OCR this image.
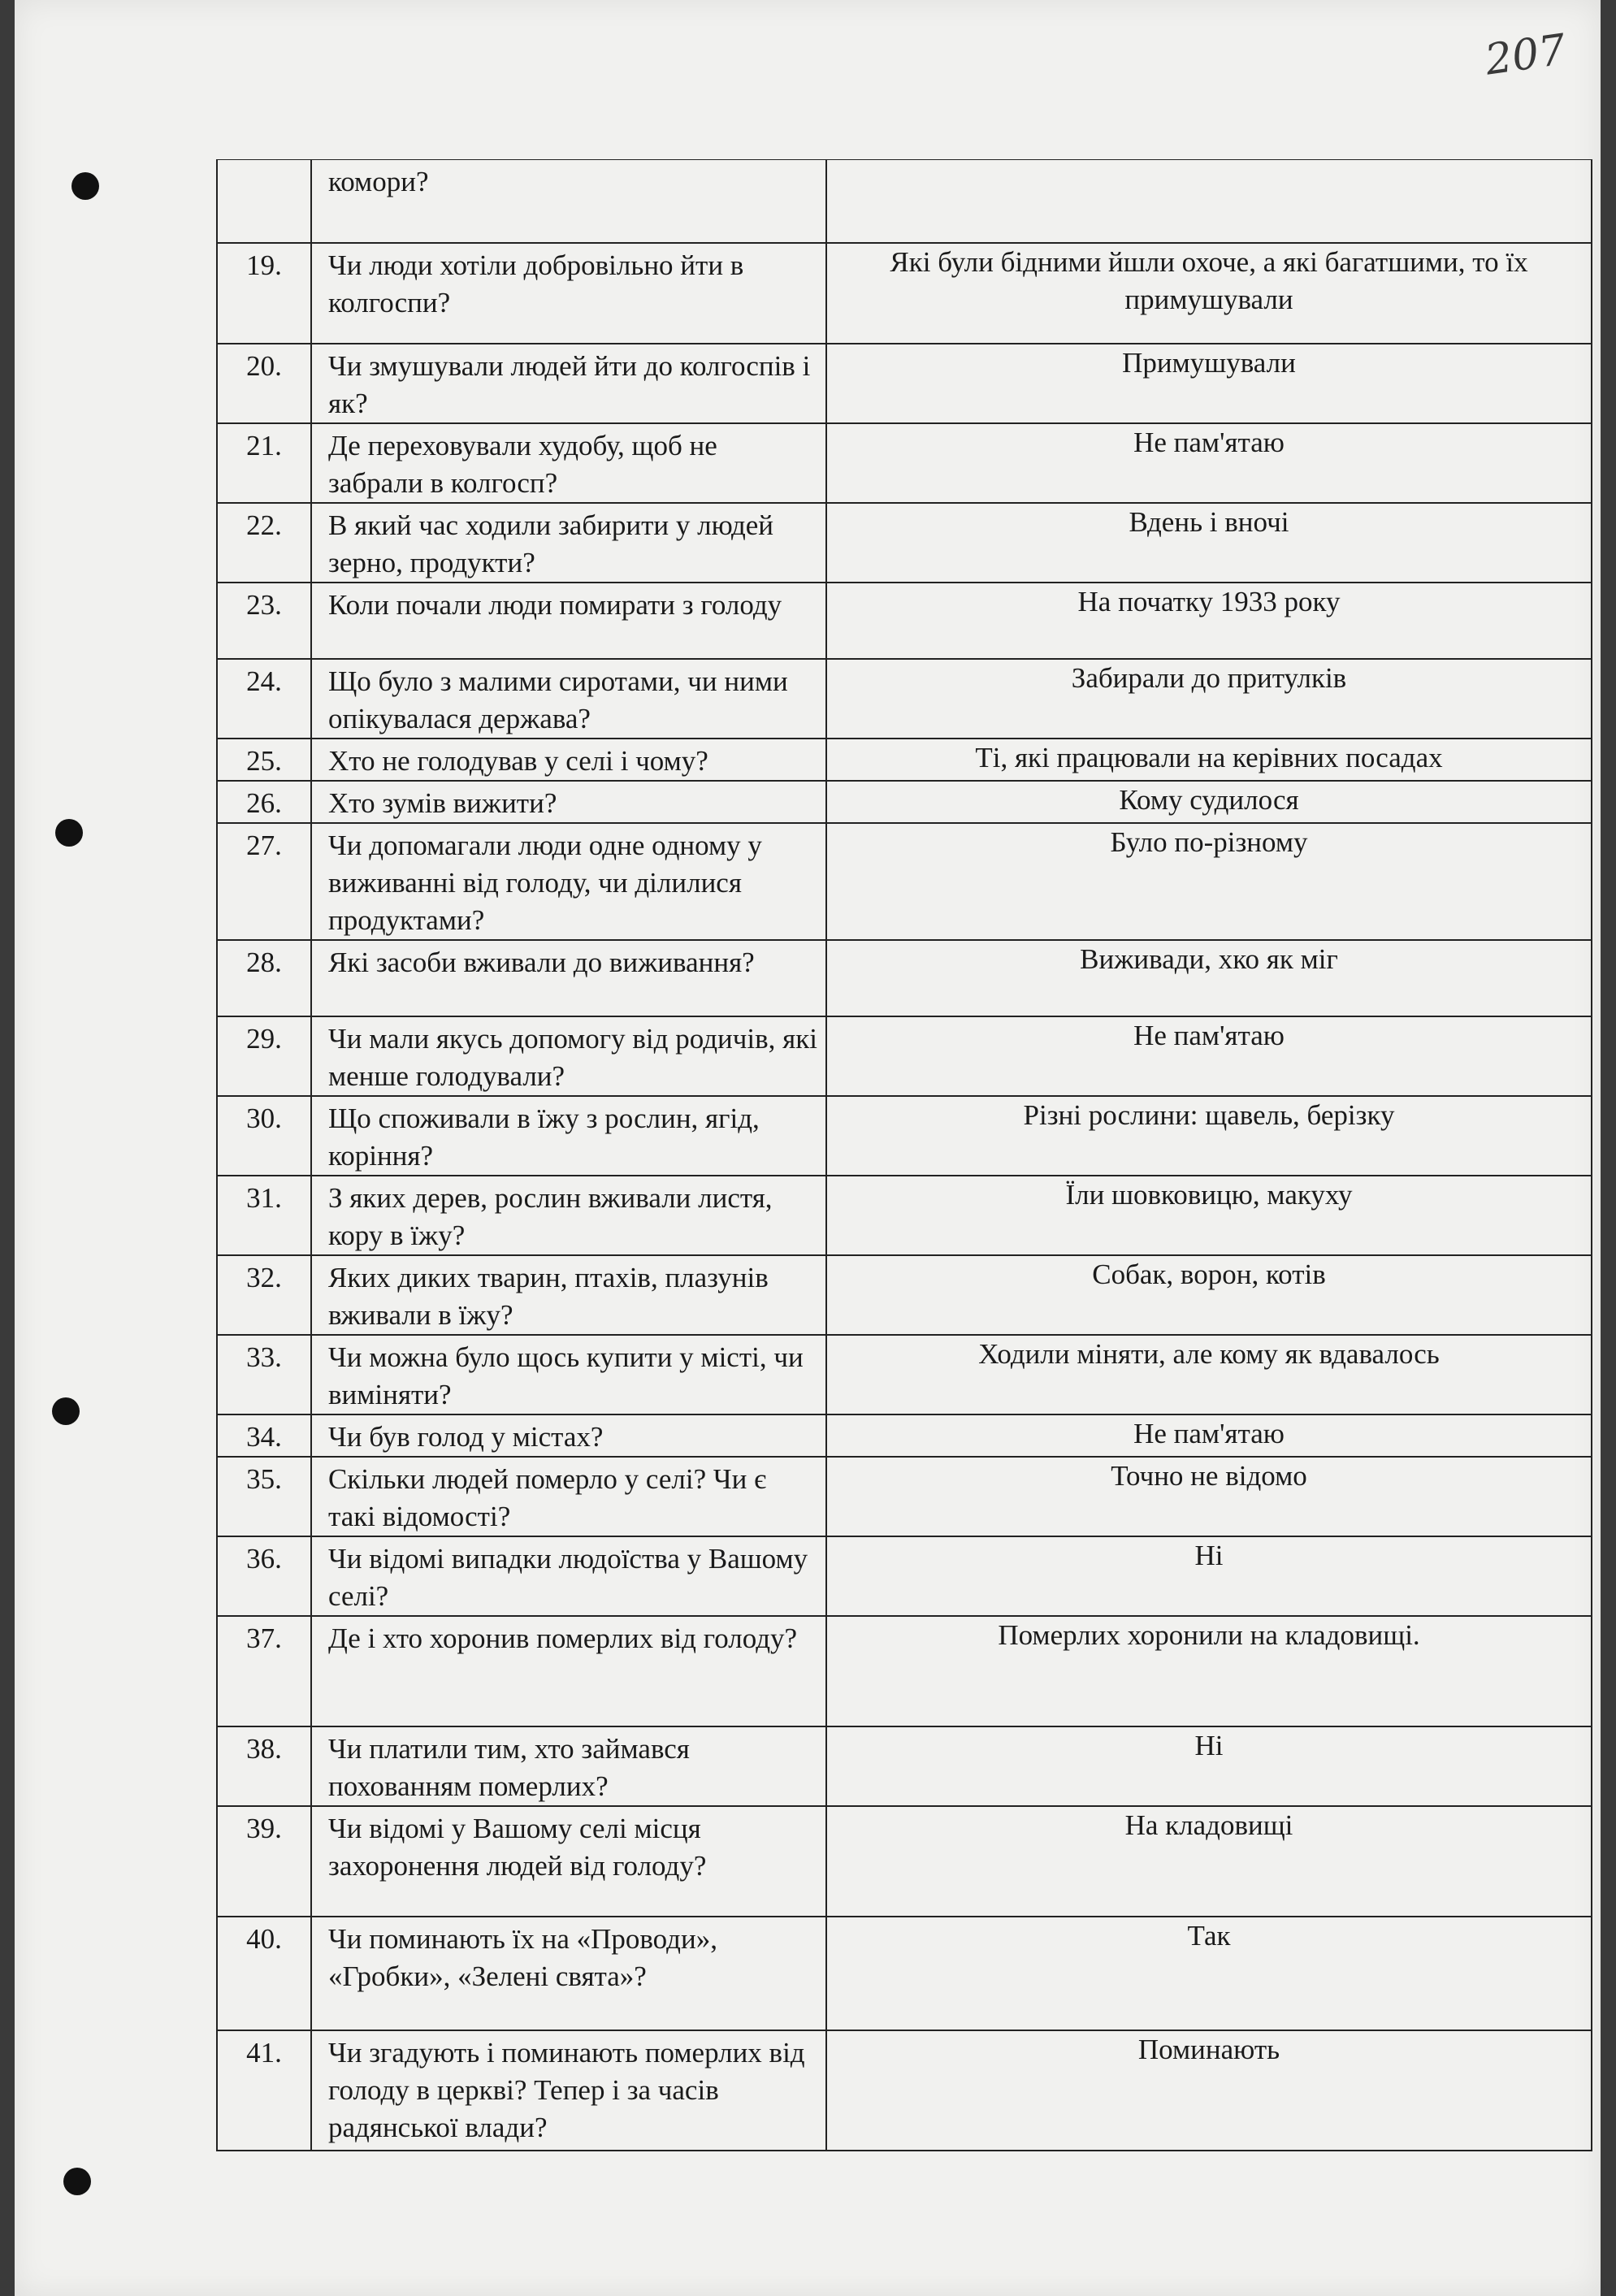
207
	комори?	
19.	Чи люди хотіли добровільно йти в колгоспи?	Які були бідними йшли охоче, а які багатшими, то їх примушували
20.	Чи змушували людей йти до колгоспів і як?	Примушували
21.	Де переховували худобу, щоб не забрали в колгосп?	Не пам'ятаю
22.	В який час ходили забирити у людей зерно, продукти?	Вдень і вночі
23.	Коли почали люди помирати з голоду	На початку 1933 року
24.	Що було з малими сиротами, чи ними опікувалася держава?	Забирали до притулків
25.	Хто не голодував у селі і чому?	Ті, які працювали на керівних посадах
26.	Хто зумів вижити?	Кому судилося
27.	Чи допомагали люди одне одному у виживанні від голоду, чи ділилися продуктами?	Було по-різному
28.	Які засоби вживали до виживання?	Виживади, хко як міг
29.	Чи мали якусь допомогу від родичів, які менше голодували?	Не пам'ятаю
30.	Що споживали в їжу з рослин, ягід, коріння?	Різні рослини: щавель, берізку
31.	З яких дерев, рослин вживали листя, кору в їжу?	Їли шовковицю, макуху
32.	Яких диких тварин, птахів, плазунів вживали в їжу?	Собак, ворон, котів
33.	Чи можна було щось купити у місті, чи виміняти?	Ходили міняти, але кому як вдавалось
34.	Чи був голод у містах?	Не пам'ятаю
35.	Скільки людей померло у селі? Чи є такі відомості?	Точно не відомо
36.	Чи відомі випадки людоїства у Вашому селі?	Ні
37.	Де і хто хоронив померлих від голоду?	Померлих хоронили на кладовищі.
38.	Чи платили тим, хто займався похованням померлих?	Ні
39.	Чи відомі у Вашому селі місця захоронення людей від голоду?	На кладовищі
40.	Чи поминають їх на «Проводи», «Гробки», «Зелені свята»?	Так
41.	Чи згадують і поминають померлих від голоду в церкві? Тепер і за часів радянської влади?	Поминають
